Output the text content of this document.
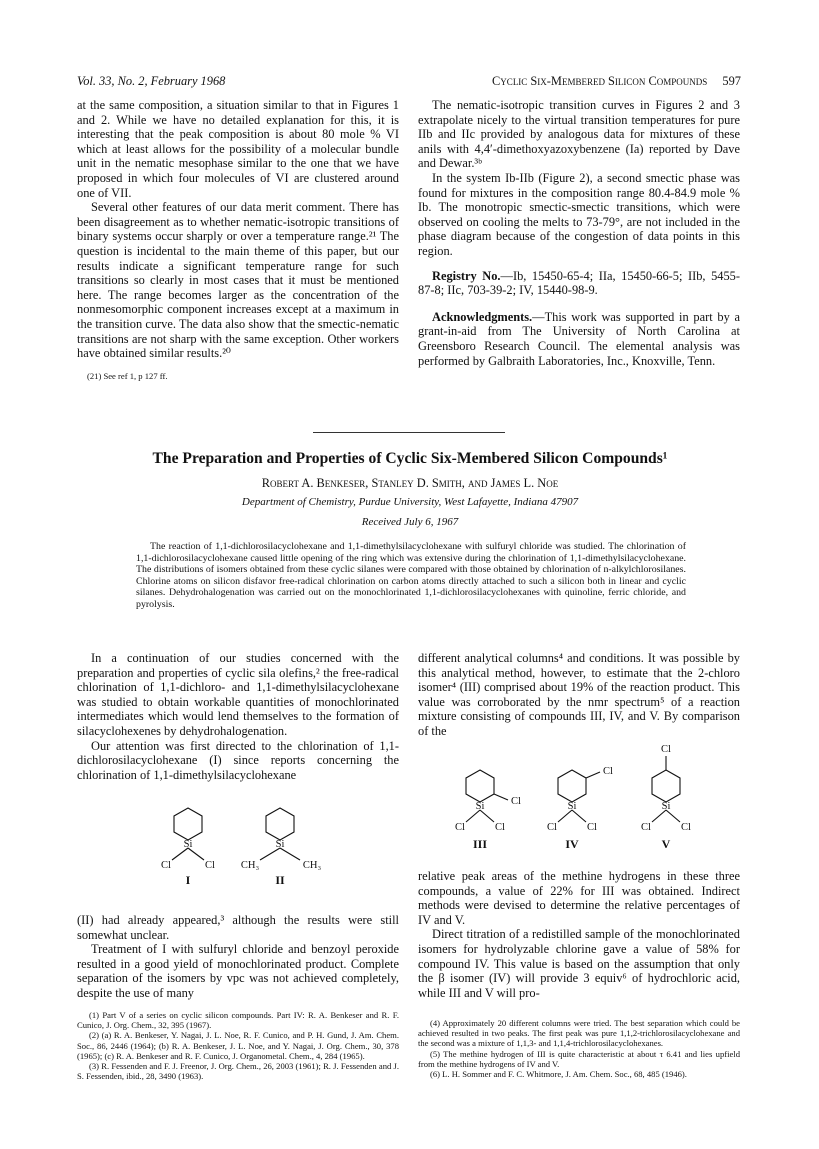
Vol. 33, No. 2, February 1968	Cyclic Six-Membered Silicon Compounds 597

at the same composition, a situation similar to that in Figures 1 and 2. While we have no detailed explanation for this, it is interesting that the peak composition is about 80 mole % VI which at least allows for the possibility of a molecular bundle unit in the nematic mesophase similar to the one that we have proposed in which four molecules of VI are clustered around one of VII.

Several other features of our data merit comment. There has been disagreement as to whether nematic-isotropic transitions of binary systems occur sharply or over a temperature range.²¹ The question is incidental to the main theme of this paper, but our results indicate a significant temperature range for such transitions so clearly in most cases that it must be mentioned here. The range becomes larger as the concentration of the nonmesomorphic component increases except at a maximum in the transition curve. The data also show that the smectic-nematic transitions are not sharp with the same exception. Other workers have obtained similar results.²⁰

(21) See ref 1, p 127 ff.

The nematic-isotropic transition curves in Figures 2 and 3 extrapolate nicely to the virtual transition temperatures for pure IIb and IIc provided by analogous data for mixtures of these anils with 4,4′-dimethoxyazoxybenzene (Ia) reported by Dave and Dewar.³ᵇ

In the system Ib-IIb (Figure 2), a second smectic phase was found for mixtures in the composition range 80.4-84.9 mole % Ib. The monotropic smectic-smectic transitions, which were observed on cooling the melts to 73-79°, are not included in the phase diagram because of the congestion of data points in this region.

Registry No.—Ib, 15450-65-4; IIa, 15450-66-5; IIb, 5455-87-8; IIc, 703-39-2; IV, 15440-98-9.

Acknowledgments.—This work was supported in part by a grant-in-aid from The University of North Carolina at Greensboro Research Council. The elemental analysis was performed by Galbraith Laboratories, Inc., Knoxville, Tenn.

The Preparation and Properties of Cyclic Six-Membered Silicon Compounds¹
Robert A. Benkeser, Stanley D. Smith, and James L. Noe
Department of Chemistry, Purdue University, West Lafayette, Indiana 47907
Received July 6, 1967
The reaction of 1,1-dichlorosilacyclohexane and 1,1-dimethylsilacyclohexane with sulfuryl chloride was studied. The chlorination of 1,1-dichlorosilacyclohexane caused little opening of the ring which was extensive during the chlorination of 1,1-dimethylsilacyclohexane. The distributions of isomers obtained from these cyclic silanes were compared with those obtained by chlorination of n-alkylchlorosilanes. Chlorine atoms on silicon disfavor free-radical chlorination on carbon atoms directly attached to such a silicon both in linear and cyclic silanes. Dehydrohalogenation was carried out on the monochlorinated 1,1-dichlorosilacyclohexanes with quinoline, ferric chloride, and pyrolysis.

In a continuation of our studies concerned with the preparation and properties of cyclic sila olefins,² the free-radical chlorination of 1,1-dichloro- and 1,1-dimethylsilacyclohexane was studied to obtain workable quantities of monochlorinated intermediates which would lend themselves to the formation of silacyclohexenes by dehydrohalogenation.

Our attention was first directed to the chlorination of 1,1-dichlorosilacyclohexane (I) since reports concerning the chlorination of 1,1-dimethylsilacyclohexane

Si
Cl	Cl
I
Si
CH₃	CH₃
II

(II) had already appeared,³ although the results were still somewhat unclear.

Treatment of I with sulfuryl chloride and benzoyl peroxide resulted in a good yield of monochlorinated product. Complete separation of the isomers by vpc was not achieved completely, despite the use of many

(1) Part V of a series on cyclic silicon compounds. Part IV: R. A. Benkeser and R. F. Cunico, J. Org. Chem., 32, 395 (1967).

(2) (a) R. A. Benkeser, Y. Nagai, J. L. Noe, R. F. Cunico, and P. H. Gund, J. Am. Chem. Soc., 86, 2446 (1964); (b) R. A. Benkeser, J. L. Noe, and Y. Nagai, J. Org. Chem., 30, 378 (1965); (c) R. A. Benkeser and R. F. Cunico, J. Organometal. Chem., 4, 284 (1965).

(3) R. Fessenden and F. J. Freenor, J. Org. Chem., 26, 2003 (1961); R. J. Fessenden and J. S. Fessenden, ibid., 28, 3490 (1963).

different analytical columns⁴ and conditions. It was possible by this analytical method, however, to estimate that the 2-chloro isomer⁴ (III) comprised about 19% of the reaction product. This value was corroborated by the nmr spectrum⁵ of a reaction mixture consisting of compounds III, IV, and V. By comparison of the

Si	Cl
Cl	Cl
III
Si
Cl
Cl	Cl
IV
Si
Cl
Cl	Cl
V

relative peak areas of the methine hydrogens in these three compounds, a value of 22% for III was obtained. Indirect methods were devised to determine the relative percentages of IV and V.

Direct titration of a redistilled sample of the monochlorinated isomers for hydrolyzable chlorine gave a value of 58% for compound IV. This value is based on the assumption that only the β isomer (IV) will provide 3 equiv⁶ of hydrochloric acid, while III and V will pro-

(4) Approximately 20 different columns were tried. The best separation which could be achieved resulted in two peaks. The first peak was pure 1,1,2-trichlorosilacyclohexane and the second was a mixture of 1,1,3- and 1,1,4-trichlorosilacyclohexanes.

(5) The methine hydrogen of III is quite characteristic at about τ 6.41 and lies upfield from the methine hydrogens of IV and V.

(6) L. H. Sommer and F. C. Whitmore, J. Am. Chem. Soc., 68, 485 (1946).
